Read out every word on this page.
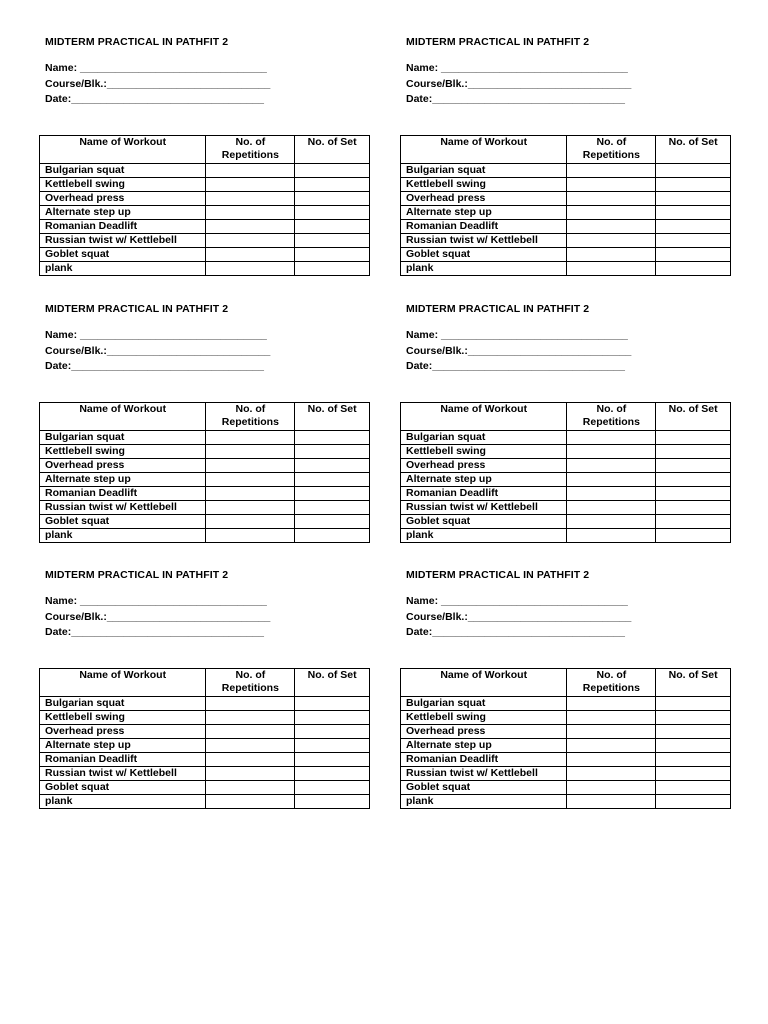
MIDTERM PRACTICAL IN PATHFIT 2
Name: ________________________________
Course/Blk.:____________________________
Date:_________________________________
Name of Workout	No. of Repetitions	No. of Set
Bulgarian squat		
Kettlebell swing		
Overhead press		
Alternate step up		
Romanian Deadlift		
Russian twist w/ Kettlebell		
Goblet squat		
plank		
MIDTERM PRACTICAL IN PATHFIT 2
Name: ________________________________
Course/Blk.:____________________________
Date:_________________________________
Name of Workout	No. of Repetitions	No. of Set
Bulgarian squat		
Kettlebell swing		
Overhead press		
Alternate step up		
Romanian Deadlift		
Russian twist w/ Kettlebell		
Goblet squat		
plank		
MIDTERM PRACTICAL IN PATHFIT 2
Name: ________________________________
Course/Blk.:____________________________
Date:_________________________________
Name of Workout	No. of Repetitions	No. of Set
Bulgarian squat		
Kettlebell swing		
Overhead press		
Alternate step up		
Romanian Deadlift		
Russian twist w/ Kettlebell		
Goblet squat		
plank		
MIDTERM PRACTICAL IN PATHFIT 2
Name: ________________________________
Course/Blk.:____________________________
Date:_________________________________
Name of Workout	No. of Repetitions	No. of Set
Bulgarian squat		
Kettlebell swing		
Overhead press		
Alternate step up		
Romanian Deadlift		
Russian twist w/ Kettlebell		
Goblet squat		
plank		
MIDTERM PRACTICAL IN PATHFIT 2
Name: ________________________________
Course/Blk.:____________________________
Date:_________________________________
Name of Workout	No. of Repetitions	No. of Set
Bulgarian squat		
Kettlebell swing		
Overhead press		
Alternate step up		
Romanian Deadlift		
Russian twist w/ Kettlebell		
Goblet squat		
plank		
MIDTERM PRACTICAL IN PATHFIT 2
Name: ________________________________
Course/Blk.:____________________________
Date:_________________________________
Name of Workout	No. of Repetitions	No. of Set
Bulgarian squat		
Kettlebell swing		
Overhead press		
Alternate step up		
Romanian Deadlift		
Russian twist w/ Kettlebell		
Goblet squat		
plank		
